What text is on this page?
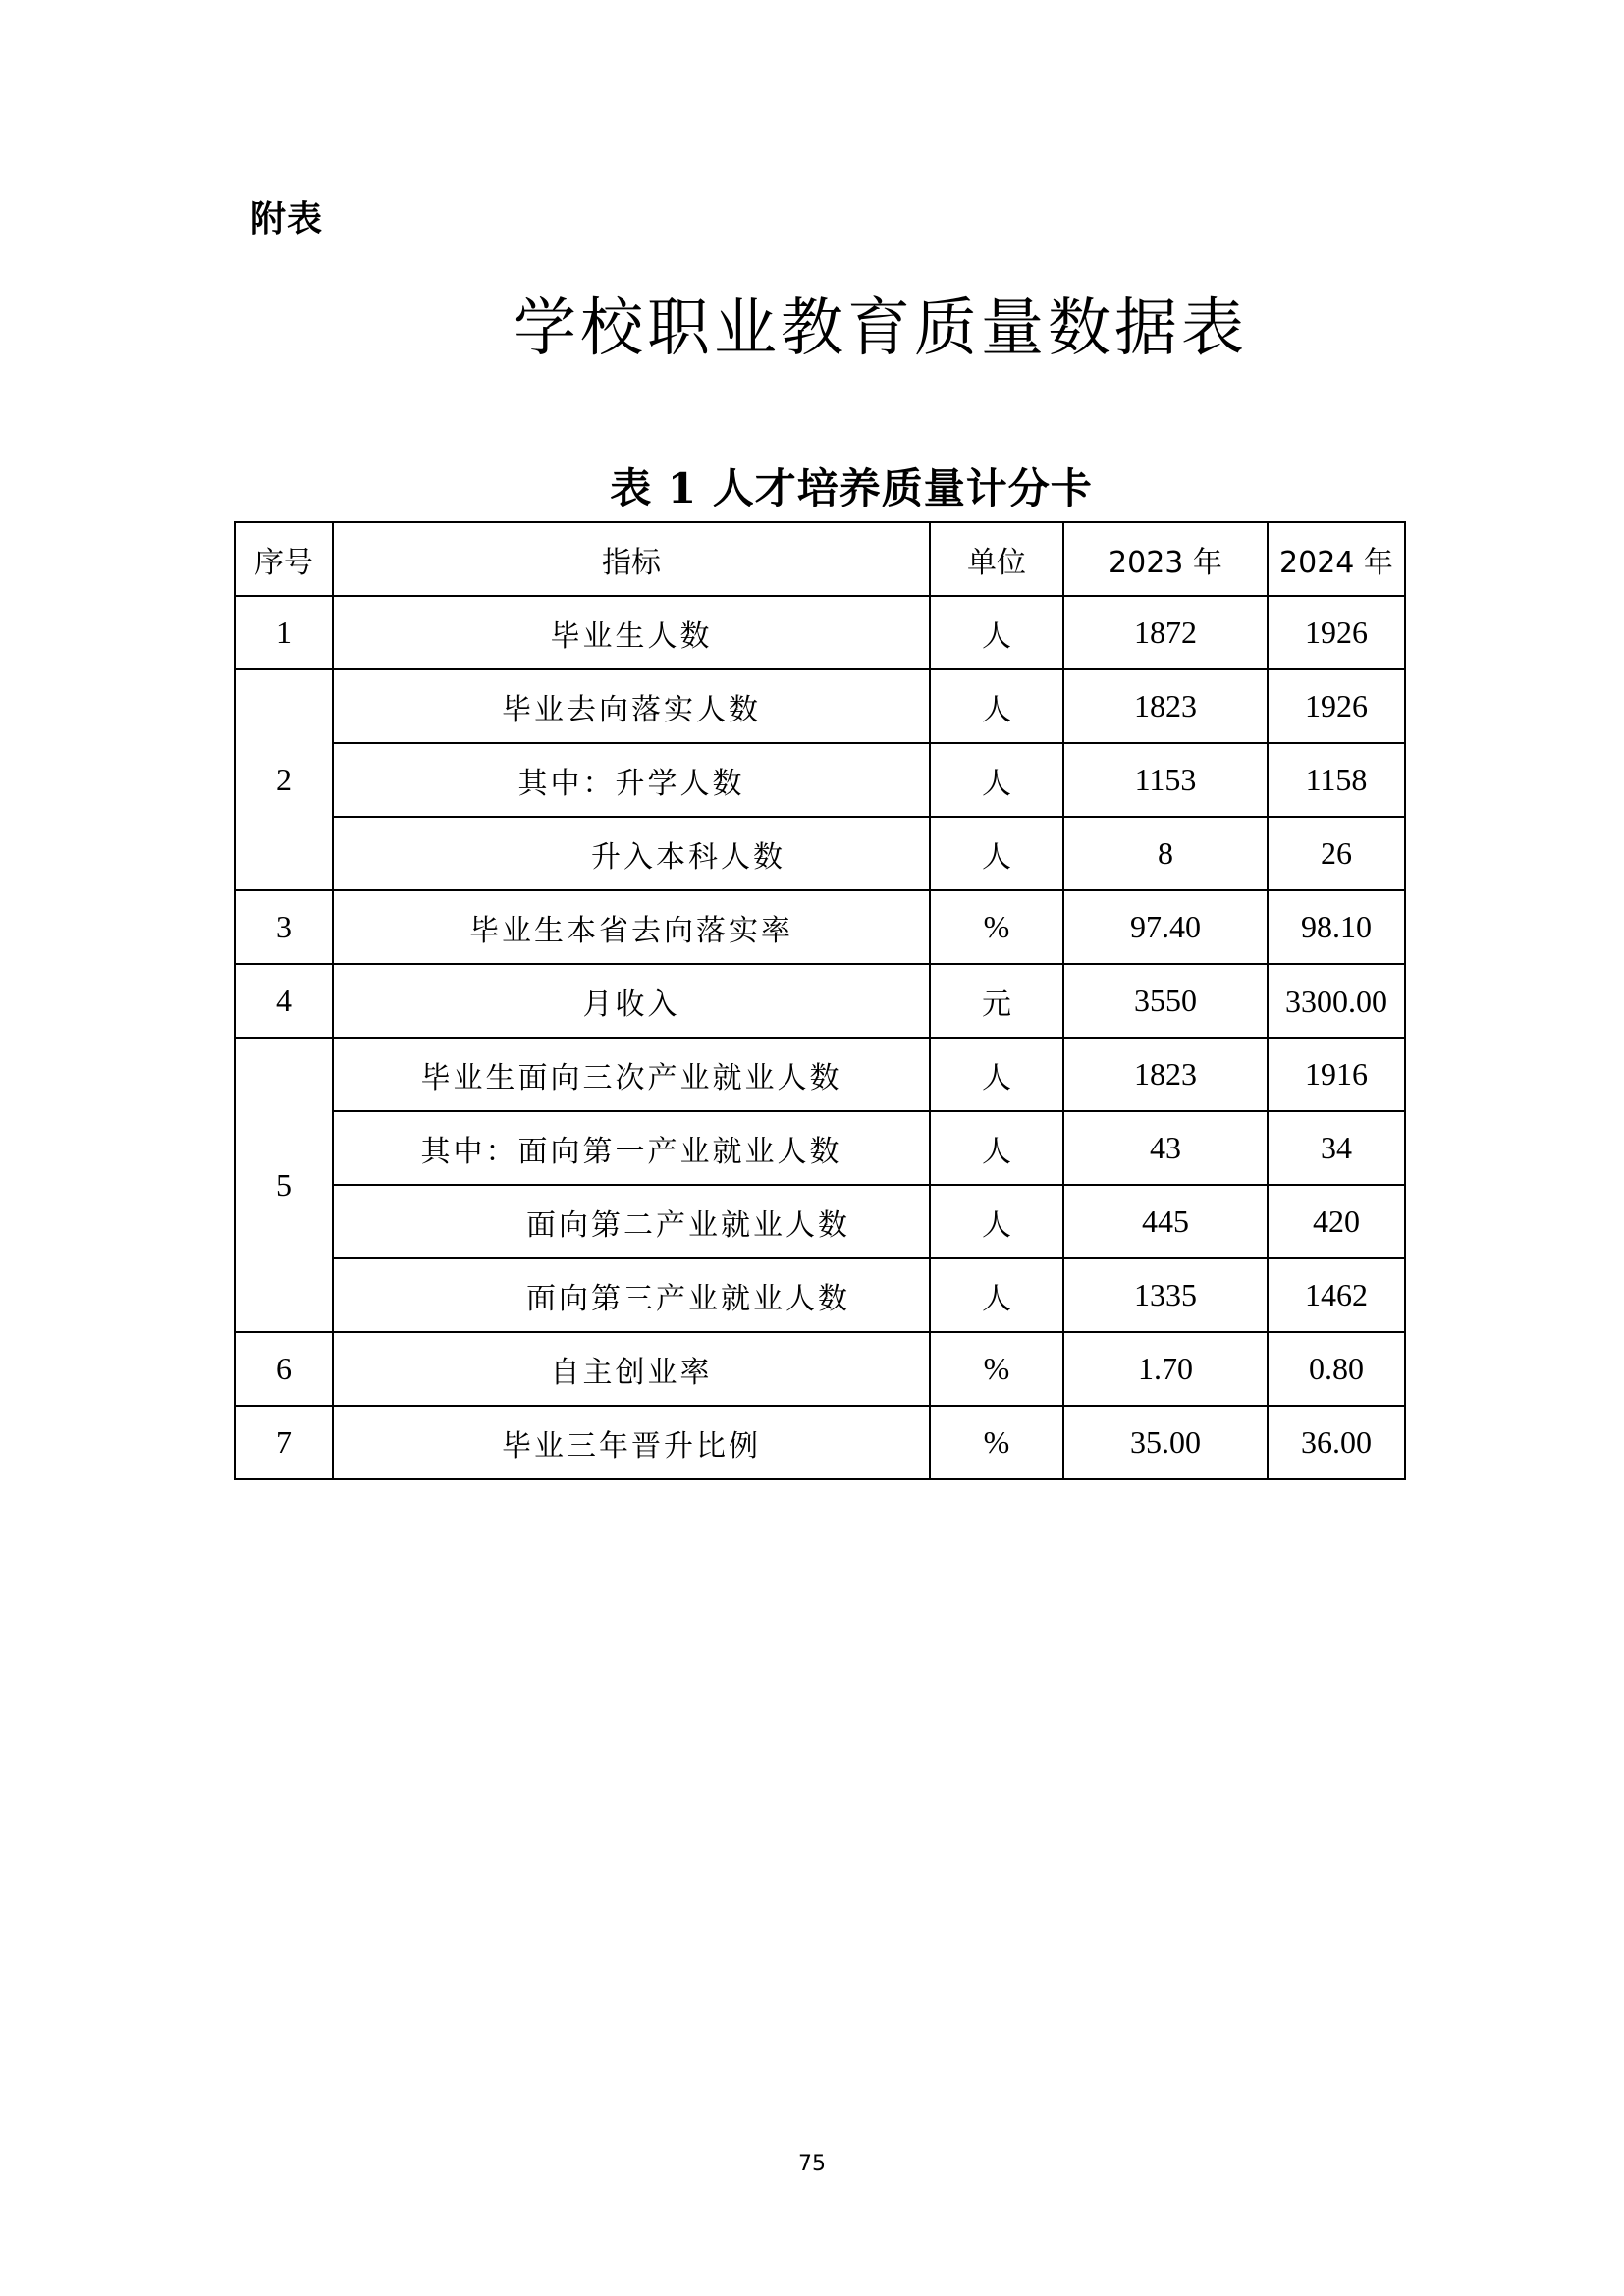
附表
学校职业教育质量数据表
表 1 人才培养质量计分卡
序号	指标	单位	2023 年	2024 年
1	毕业生人数	人	1872	1926
2	毕业去向落实人数	人	1823	1926
	其中：升学人数	人	1153	1158
	升入本科人数	人	8	26
3	毕业生本省去向落实率	%	97.40	98.10
4	月收入	元	3550	3300.00
5	毕业生面向三次产业就业人数	人	1823	1916
	其中：面向第一产业就业人数	人	43	34
	面向第二产业就业人数	人	445	420
	面向第三产业就业人数	人	1335	1462
6	自主创业率	%	1.70	0.80
7	毕业三年晋升比例	%	35.00	36.00
75
